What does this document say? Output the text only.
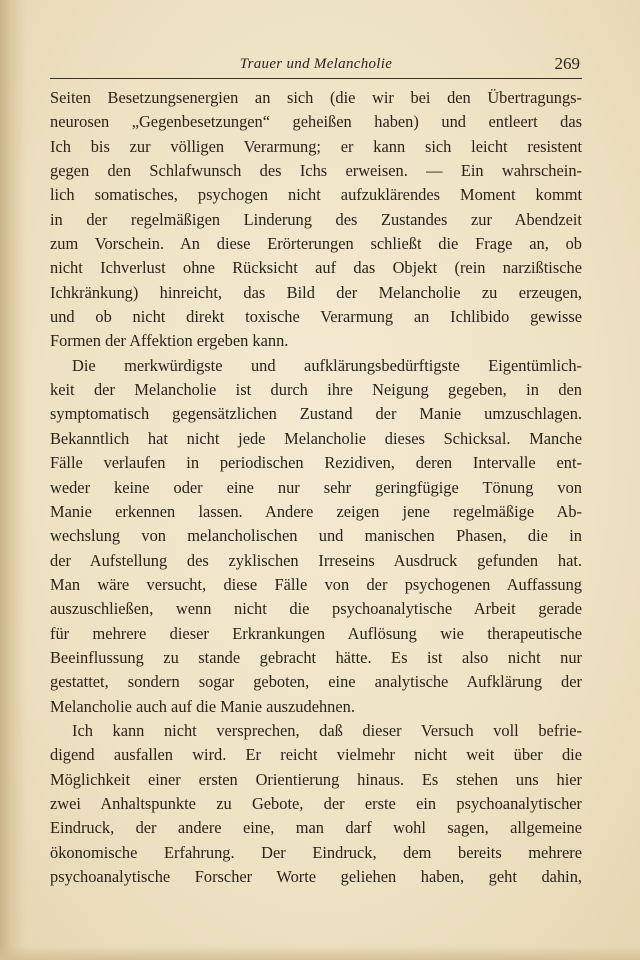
Trauer und Melancholie	269
Seiten Besetzungsenergien an sich (die wir bei den Übertragungs-
neurosen „Gegenbesetzungen“ geheißen haben) und entleert das
Ich bis zur völligen Verarmung; er kann sich leicht resistent
gegen den Schlafwunsch des Ichs erweisen. — Ein wahrschein-
lich somatisches, psychogen nicht aufzuklärendes Moment kommt
in der regelmäßigen Linderung des Zustandes zur Abendzeit
zum Vorschein. An diese Erörterungen schließt die Frage an, ob
nicht Ichverlust ohne Rücksicht auf das Objekt (rein narzißtische
Ichkränkung) hinreicht, das Bild der Melancholie zu erzeugen,
und ob nicht direkt toxische Verarmung an Ichlibido gewisse
Formen der Affektion ergeben kann.
Die merkwürdigste und aufklärungsbedürftigste Eigentümlich-
keit der Melancholie ist durch ihre Neigung gegeben, in den
symptomatisch gegensätzlichen Zustand der Manie umzuschlagen.
Bekanntlich hat nicht jede Melancholie dieses Schicksal. Manche
Fälle verlaufen in periodischen Rezidiven, deren Intervalle ent-
weder keine oder eine nur sehr geringfügige Tönung von
Manie erkennen lassen. Andere zeigen jene regelmäßige Ab-
wechslung von melancholischen und manischen Phasen, die in
der Aufstellung des zyklischen Irreseins Ausdruck gefunden hat.
Man wäre versucht, diese Fälle von der psychogenen Auffassung
auszuschließen, wenn nicht die psychoanalytische Arbeit gerade
für mehrere dieser Erkrankungen Auflösung wie therapeutische
Beeinflussung zu stande gebracht hätte. Es ist also nicht nur
gestattet, sondern sogar geboten, eine analytische Aufklärung der
Melancholie auch auf die Manie auszudehnen.
Ich kann nicht versprechen, daß dieser Versuch voll befrie-
digend ausfallen wird. Er reicht vielmehr nicht weit über die
Möglichkeit einer ersten Orientierung hinaus. Es stehen uns hier
zwei Anhaltspunkte zu Gebote, der erste ein psychoanalytischer
Eindruck, der andere eine, man darf wohl sagen, allgemeine
ökonomische Erfahrung. Der Eindruck, dem bereits mehrere
psychoanalytische Forscher Worte geliehen haben, geht dahin,
